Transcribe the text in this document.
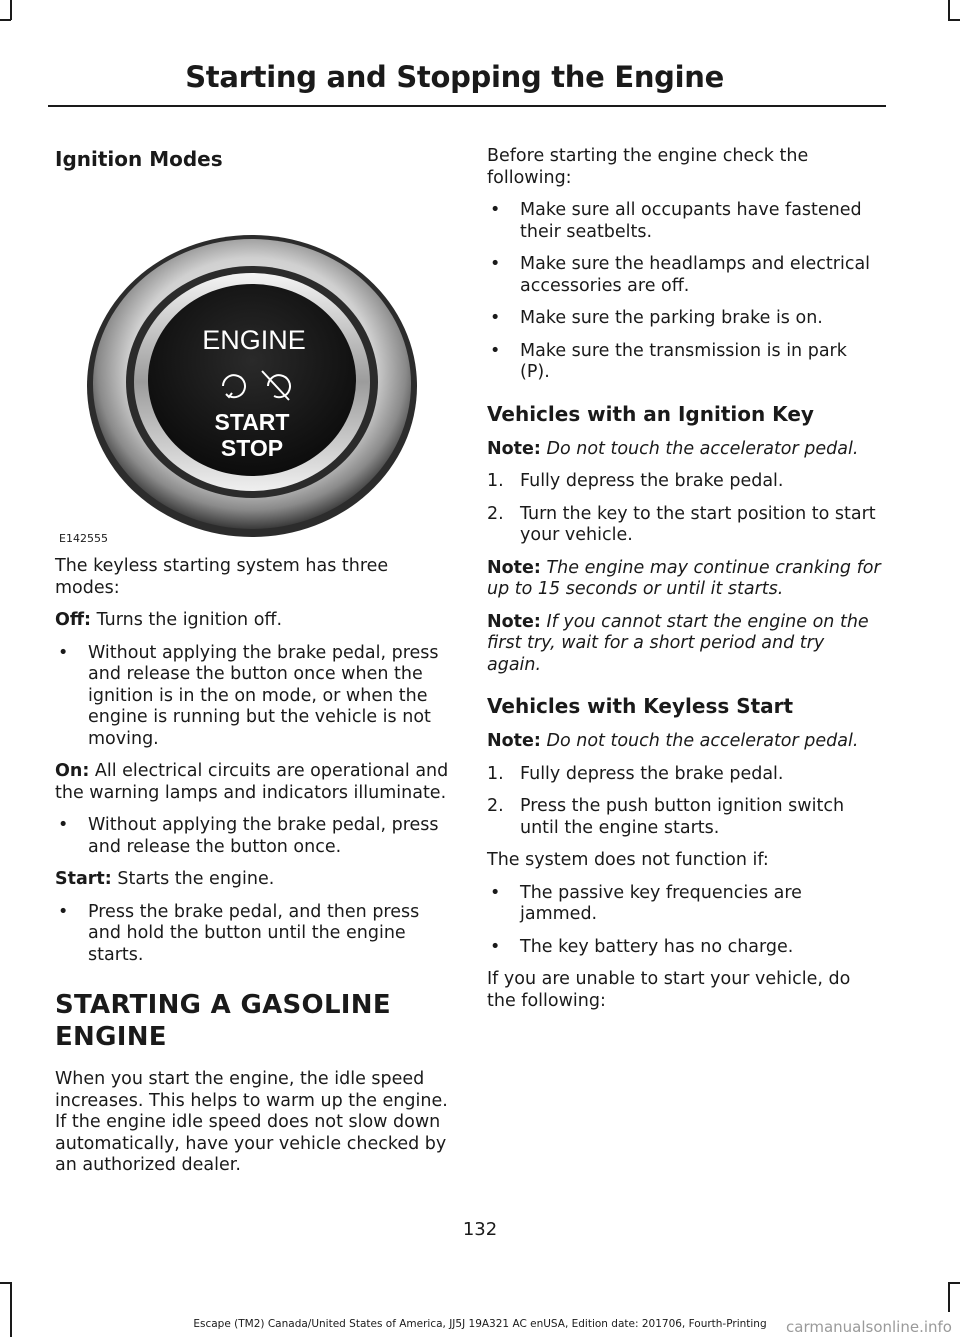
Starting and Stopping the Engine
Ignition Modes
ENGINE
START
STOP

E142555

The keyless starting system has three modes:

Off: Turns the ignition off.

• Without applying the brake pedal, press and release the button once when the ignition is in the on mode, or when the engine is running but the vehicle is not moving.

On: All electrical circuits are operational and the warning lamps and indicators illuminate.

• Without applying the brake pedal, press and release the button once.

Start: Starts the engine.

• Press the brake pedal, and then press and hold the button until the engine starts.
STARTING A GASOLINE
ENGINE

When you start the engine, the idle speed increases. This helps to warm up the engine. If the engine idle speed does not slow down automatically, have your vehicle checked by an authorized dealer.

Before starting the engine check the following:

• Make sure all occupants have fastened their seatbelts.
• Make sure the headlamps and electrical accessories are off.
• Make sure the parking brake is on.
• Make sure the transmission is in park (P).
Vehicles with an Ignition Key

Note: Do not touch the accelerator pedal.

1. Fully depress the brake pedal.
2. Turn the key to the start position to start your vehicle.

Note: The engine may continue cranking for up to 15 seconds or until it starts.

Note: If you cannot start the engine on the first try, wait for a short period and try again.

Vehicles with Keyless Start

Note: Do not touch the accelerator pedal.

1. Fully depress the brake pedal.
2. Press the push button ignition switch until the engine starts.

The system does not function if:

• The passive key frequencies are jammed.
• The key battery has no charge.

If you are unable to start your vehicle, do the following:

132

Escape (TM2) Canada/United States of America, JJ5J 19A321 AC enUSA, Edition date: 201706, Fourth-Printing	carmanualsonline.info
